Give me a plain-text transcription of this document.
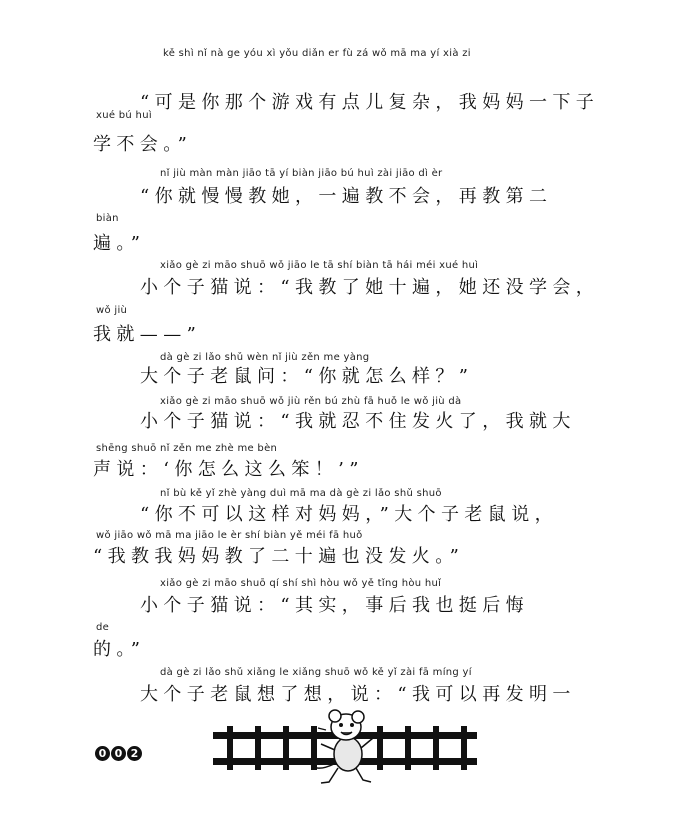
kě shì nǐ nà ge yóu xì yǒu diǎn er fù zá wǒ mā ma yí xià zi
“可是你那个游戏有点儿复杂，我妈妈一下子
xué bú huì
学不会。”
nǐ jiù màn màn jiāo tā yí biàn jiāo bú huì zài jiāo dì èr
“你就慢慢教她，一遍教不会，再教第二
biàn
遍。”
xiǎo gè zi māo shuō wǒ jiāo le tā shí biàn tā hái méi xué huì
小个子猫说：“我教了她十遍，她还没学会，
wǒ jiù
我就——”
dà gè zi lǎo shǔ wèn nǐ jiù zěn me yàng
大个子老鼠问：“你就怎么样？”
xiǎo gè zi māo shuō wǒ jiù rěn bú zhù fā huǒ le wǒ jiù dà
小个子猫说：“我就忍不住发火了，我就大
shēng shuō nǐ zěn me zhè me bèn
声说：‘你怎么这么笨！’”
nǐ bù kě yǐ zhè yàng duì mā ma dà gè zi lǎo shǔ shuō
“你不可以这样对妈妈，”大个子老鼠说，
wǒ jiāo wǒ mā ma jiāo le èr shí biàn yě méi fā huǒ
“我教我妈妈教了二十遍也没发火。”
xiǎo gè zi māo shuō qí shí shì hòu wǒ yě tǐng hòu huǐ
小个子猫说：“其实，事后我也挺后悔
de
的。”
dà gè zi lǎo shǔ xiǎng le xiǎng shuō wǒ kě yǐ zài fā míng yí
大个子老鼠想了想，说：“我可以再发明一
0 0 2
